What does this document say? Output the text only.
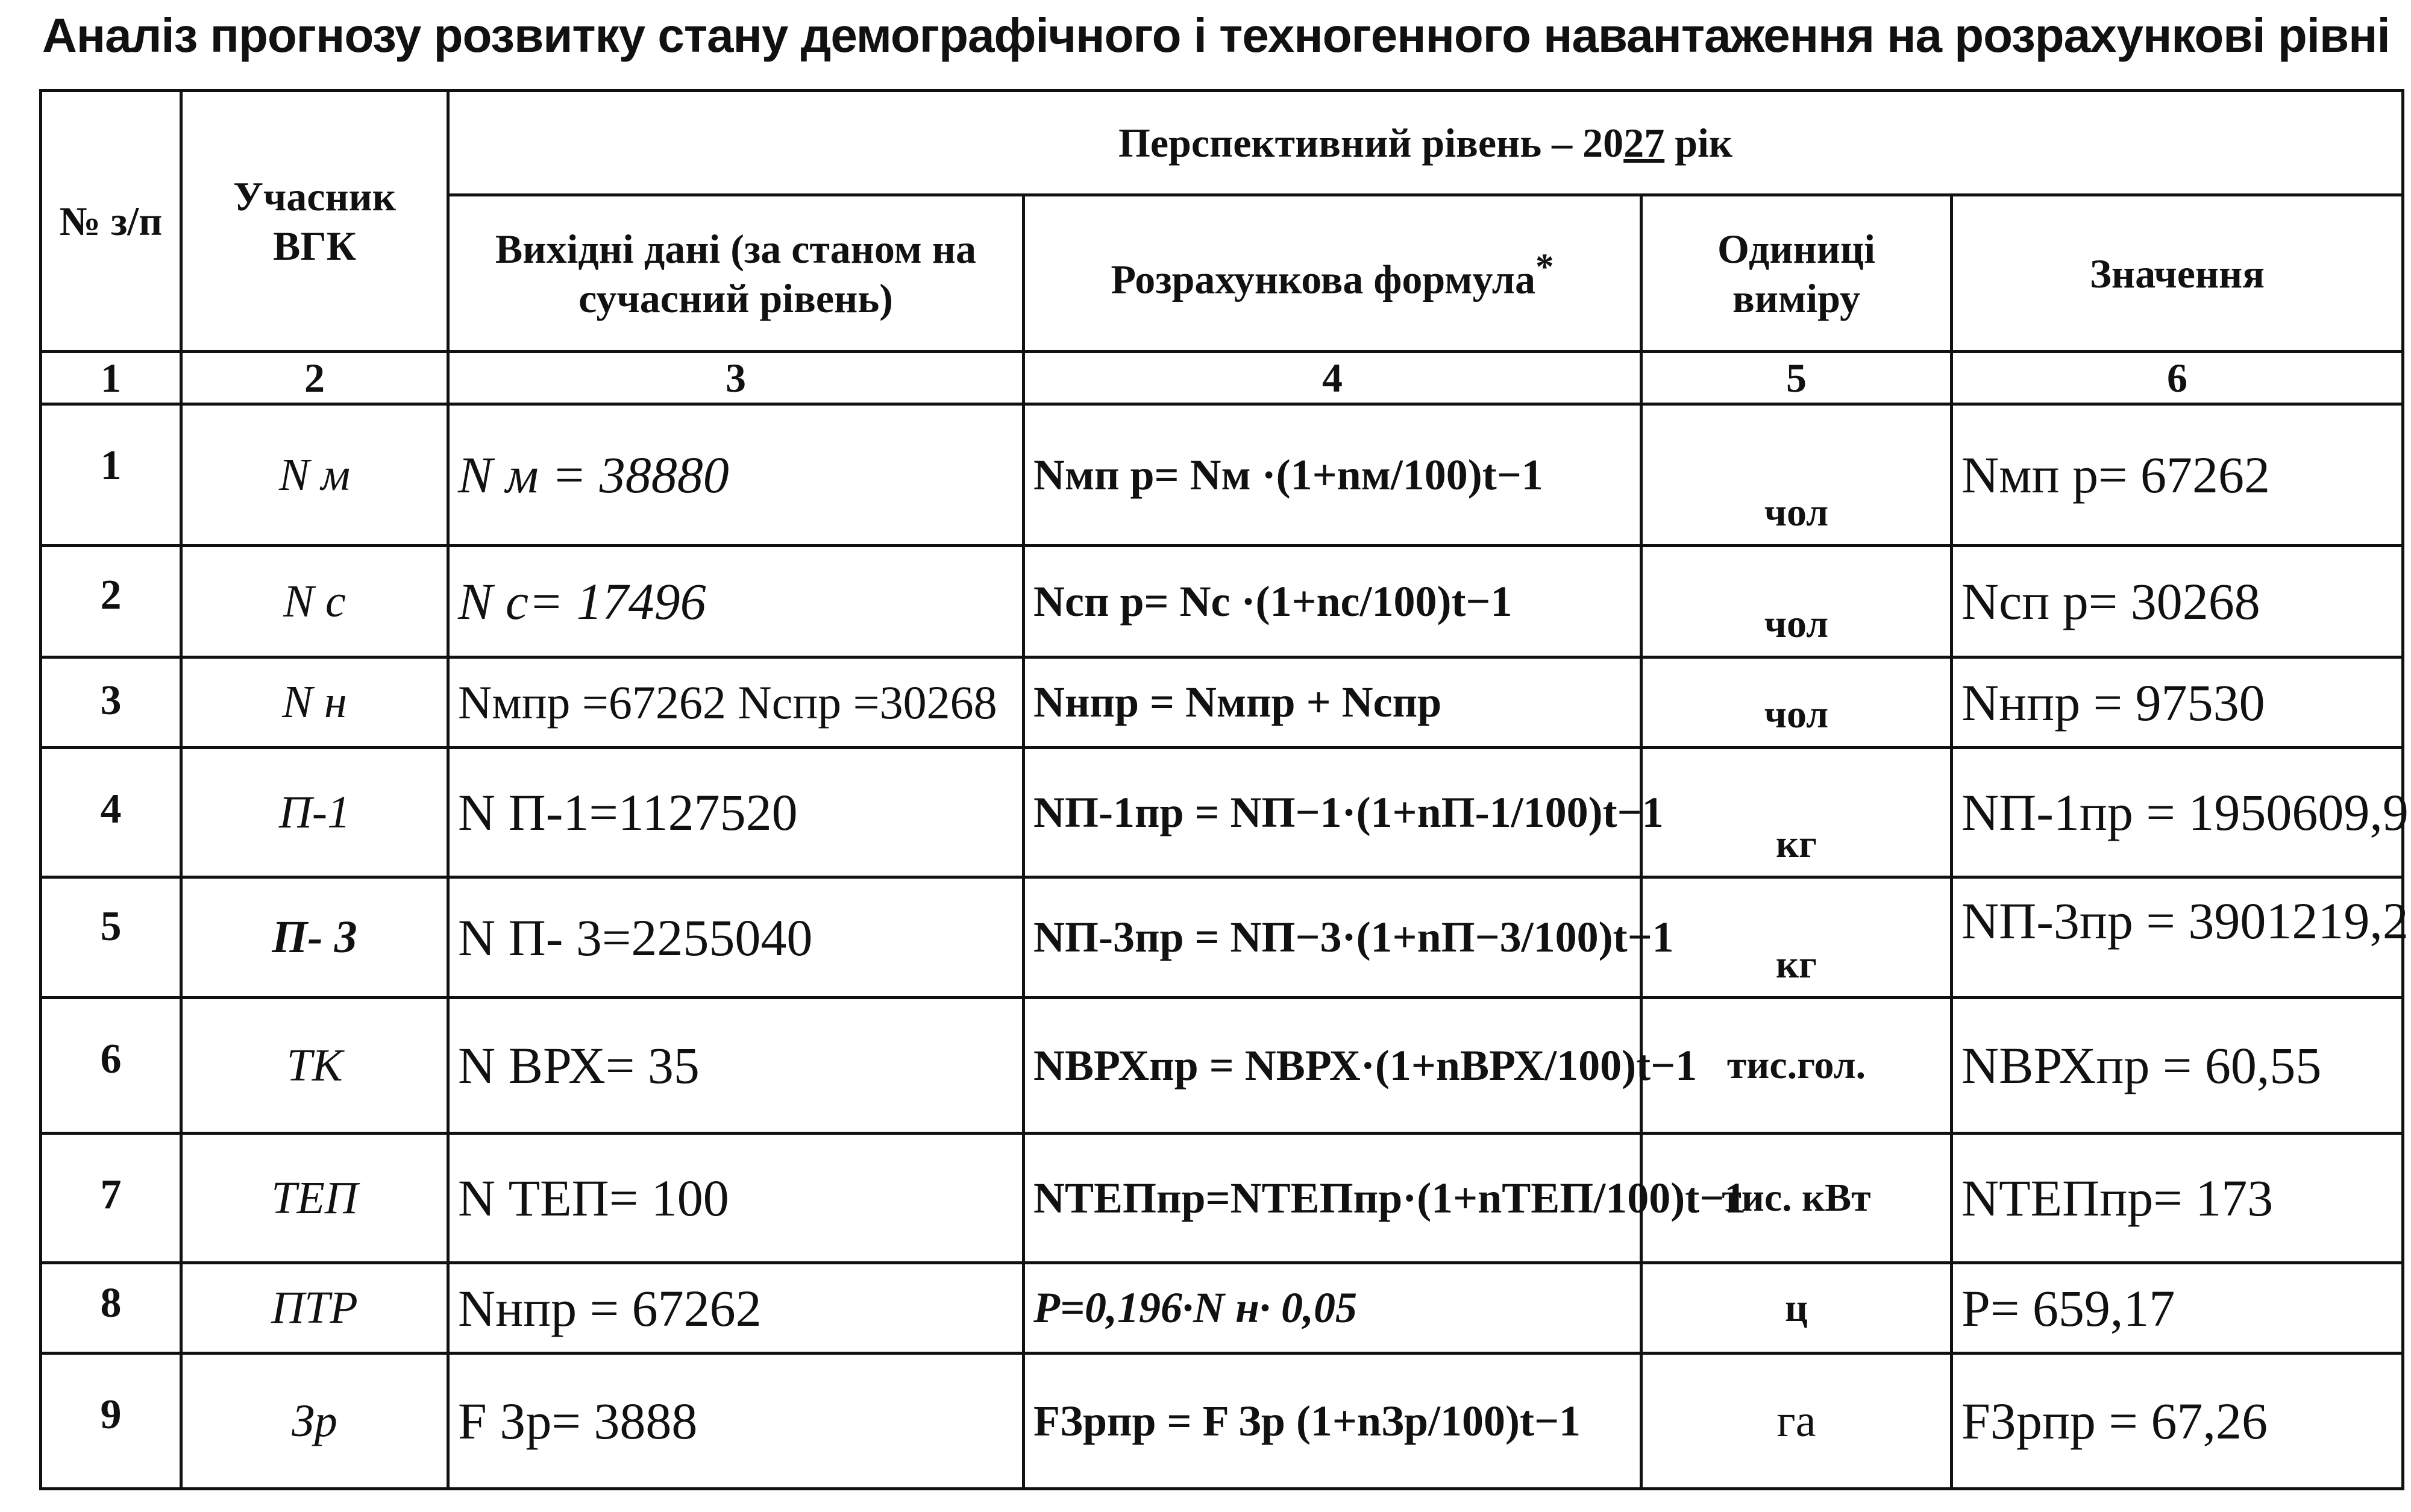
Аналіз прогнозу розвитку стану демографічного і техногенного навантаження на розрахункові рівні
№ з/п	Учасник ВГК	Перспективний рівень – 2027 рік			
		Вихідні дані (за станом на сучасний рівень)	Розрахункова формула*	Одиниці виміру	Значення
1	2	3	4	5	6
1	N м	N м = 38880	Nмп р= Nм ·(1+nм/100)t−1	чол	Nмп р= 67262
2	N с	N с= 17496	Nсп р= Nс ·(1+nс/100)t−1	чол	Nсп р= 30268
3	N н	Nмпр =67262 Nспр =30268	Nнпр = Nмпр + Nспр	чол	Nнпр = 97530
4	П-1	N П-1=1127520	NП-1пр = NП−1·(1+nП-1/100)t−1	кг	NП-1пр = 1950609,9
5	П- 3	N П- 3=2255040	NП-3пр = NП−3·(1+nП−3/100)t−1	кг	NП-3пр = 3901219,2
6	ТК	N ВРХ= 35	NВРХпр = NВРХ·(1+nВРХ/100)t−1	тис.гол.	NВРХпр = 60,55
7	ТЕП	N ТЕП= 100	NТЕПпр=NТЕПпр·(1+nТЕП/100)t−1	тис. кВт	NТЕПпр= 173
8	ПТР	Nнпр = 67262	P=0,196·N н· 0,05	ц	P= 659,17
9	Зр	F Зр= 3888	FЗрпр = F Зр (1+nЗр/100)t−1	га	FЗрпр = 67,26
